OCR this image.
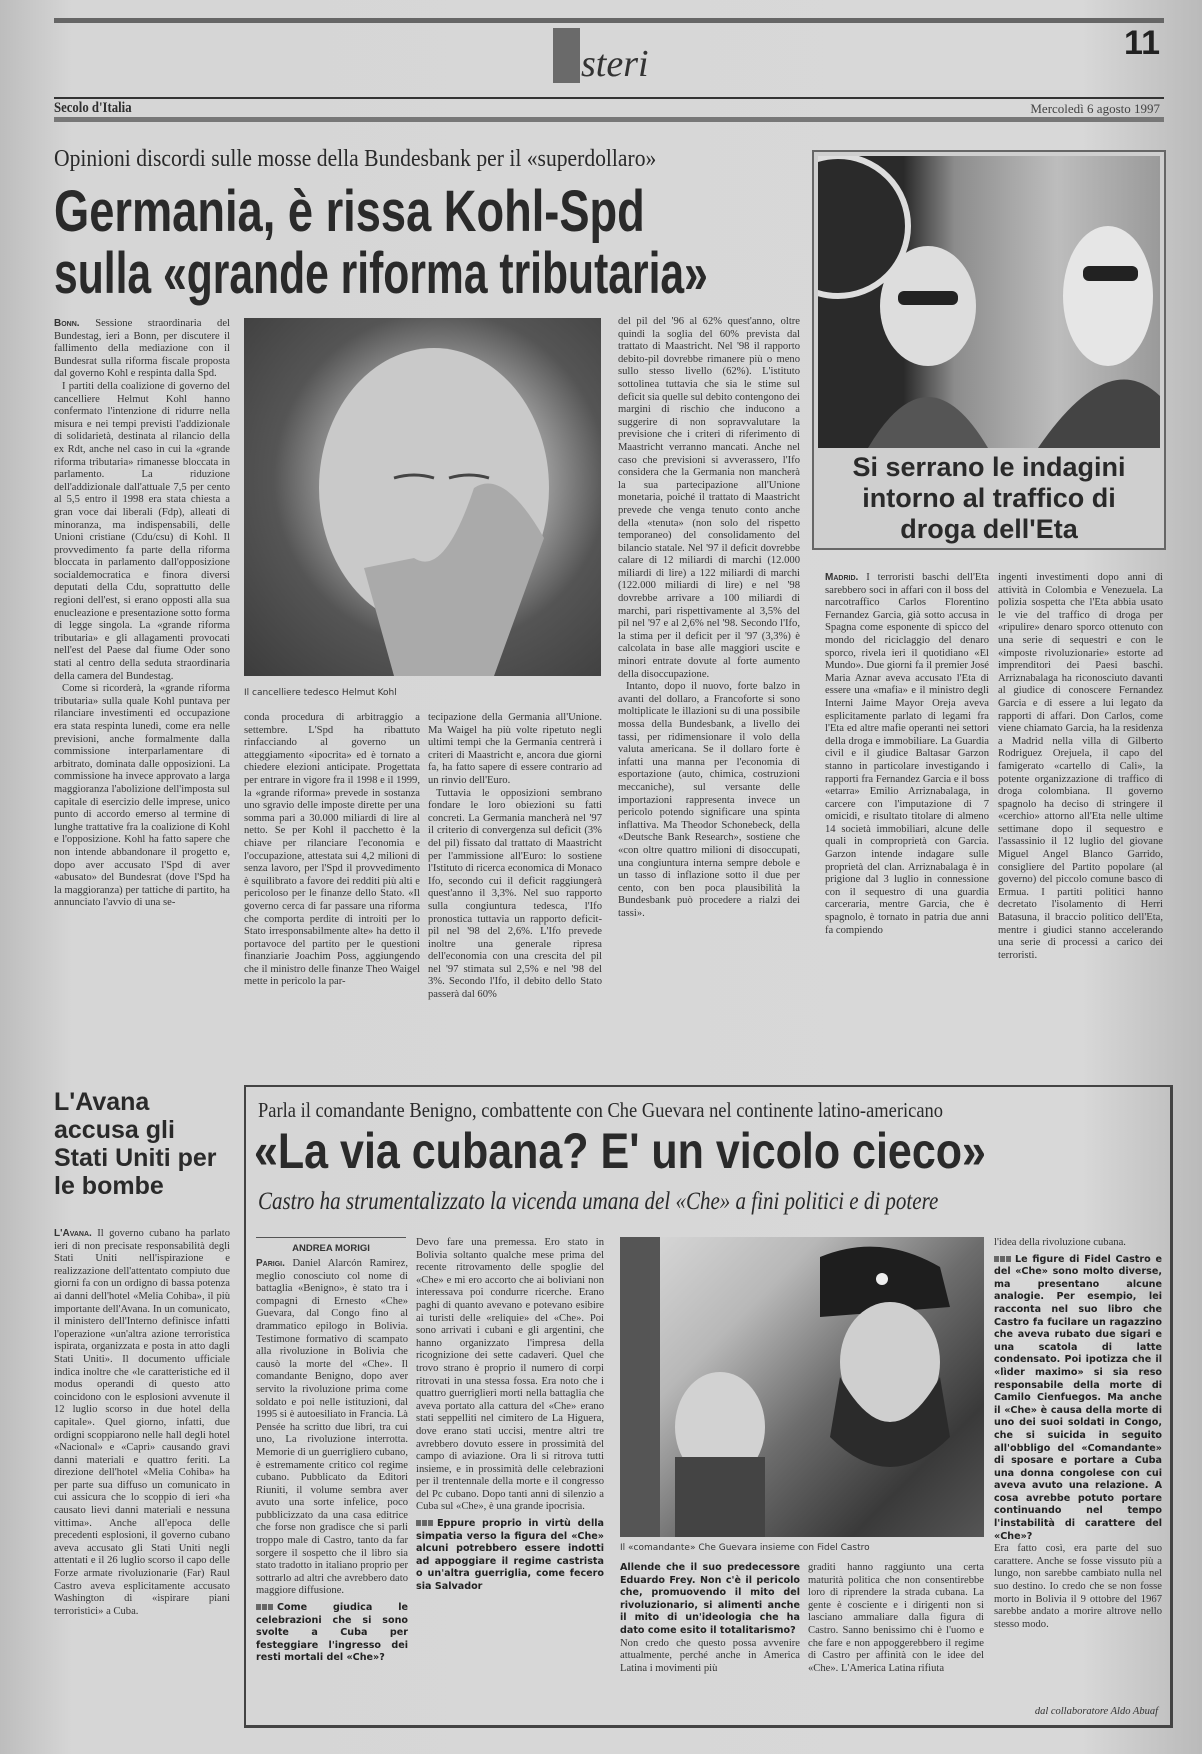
steri	11
Secolo d'Italia	Mercoledì 6 agosto 1997
Opinioni discordi sulle mosse della Bundesbank per il «superdollaro»
Germania, è rissa Kohl-Spd
sulla «grande riforma tributaria»

Bonn. Sessione straordinaria del Bundestag, ieri a Bonn, per discutere il fallimento della mediazione con il Bundesrat sulla riforma fiscale proposta dal governo Kohl e respinta dalla Spd.

I partiti della coalizione di governo del cancelliere Helmut Kohl hanno confermato l'intenzione di ridurre nella misura e nei tempi previsti l'addizionale di solidarietà, destinata al rilancio della ex Rdt, anche nel caso in cui la «grande riforma tributaria» rimanesse bloccata in parlamento. La riduzione dell'addizionale dall'attuale 7,5 per cento al 5,5 entro il 1998 era stata chiesta a gran voce dai liberali (Fdp), alleati di minoranza, ma indispensabili, delle Unioni cristiane (Cdu/csu) di Kohl. Il provvedimento fa parte della riforma bloccata in parlamento dall'opposizione socialdemocratica e finora diversi deputati della Cdu, soprattutto delle regioni dell'est, si erano opposti alla sua enucleazione e presentazione sotto forma di legge singola. La «grande riforma tributaria» e gli allagamenti provocati nell'est del Paese dal fiume Oder sono stati al centro della seduta straordinaria della camera del Bundestag.

Come si ricorderà, la «grande riforma tributaria» sulla quale Kohl puntava per rilanciare investimenti ed occupazione era stata respinta lunedì, come era nelle previsioni, anche formalmente dalla commissione interparlamentare di arbitrato, dominata dalle opposizioni. La commissione ha invece approvato a larga maggioranza l'abolizione dell'imposta sul capitale di esercizio delle imprese, unico punto di accordo emerso al termine di lunghe trattative fra la coalizione di Kohl e l'opposizione. Kohl ha fatto sapere che non intende abbandonare il progetto e, dopo aver accusato l'Spd di aver «abusato» del Bundesrat (dove l'Spd ha la maggioranza) per tattiche di partito, ha annunciato l'avvio di una se-

Il cancelliere tedesco Helmut Kohl

conda procedura di arbitraggio a settembre. L'Spd ha ribattuto rinfacciando al governo un atteggiamento «ipocrita» ed è tornato a chiedere elezioni anticipate. Progettata per entrare in vigore fra il 1998 e il 1999, la «grande riforma» prevede in sostanza uno sgravio delle imposte dirette per una somma pari a 30.000 miliardi di lire al netto. Se per Kohl il pacchetto è la chiave per rilanciare l'economia e l'occupazione, attestata sui 4,2 milioni di senza lavoro, per l'Spd il provvedimento è squilibrato a favore dei redditi più alti e pericoloso per le finanze dello Stato. «Il governo cerca di far passare una riforma che comporta perdite di introiti per lo Stato irresponsabilmente alte» ha detto il portavoce del partito per le questioni finanziarie Joachim Poss, aggiungendo che il ministro delle finanze Theo Waigel mette in pericolo la par-

tecipazione della Germania all'Unione. Ma Waigel ha più volte ripetuto negli ultimi tempi che la Germania centrerà i criteri di Maastricht e, ancora due giorni fa, ha fatto sapere di essere contrario ad un rinvio dell'Euro.

Tuttavia le opposizioni sembrano fondare le loro obiezioni su fatti concreti. La Germania mancherà nel '97 il criterio di convergenza sul deficit (3% del pil) fissato dal trattato di Maastricht per l'ammissione all'Euro: lo sostiene l'Istituto di ricerca economica di Monaco Ifo, secondo cui il deficit raggiungerà quest'anno il 3,3%. Nel suo rapporto sulla congiuntura tedesca, l'Ifo pronostica tuttavia un rapporto deficit-pil nel '98 del 2,6%. L'Ifo prevede inoltre una generale ripresa dell'economia con una crescita del pil nel '97 stimata sul 2,5% e nel '98 del 3%. Secondo l'Ifo, il debito dello Stato passerà dal 60%

del pil del '96 al 62% quest'anno, oltre quindi la soglia del 60% prevista dal trattato di Maastricht. Nel '98 il rapporto debito-pil dovrebbe rimanere più o meno sullo stesso livello (62%). L'istituto sottolinea tuttavia che sia le stime sul deficit sia quelle sul debito contengono dei margini di rischio che inducono a suggerire di non sopravvalutare la previsione che i criteri di riferimento di Maastricht verranno mancati. Anche nel caso che previsioni si avverassero, l'Ifo considera che la Germania non mancherà la sua partecipazione all'Unione monetaria, poiché il trattato di Maastricht prevede che venga tenuto conto anche della «tenuta» (non solo del rispetto temporaneo) del consolidamento del bilancio statale. Nel '97 il deficit dovrebbe calare di 12 miliardi di marchi (12.000 miliardi di lire) a 122 miliardi di marchi (122.000 miliardi di lire) e nel '98 dovrebbe arrivare a 100 miliardi di marchi, pari rispettivamente al 3,5% del pil nel '97 e al 2,6% nel '98. Secondo l'Ifo, la stima per il deficit per il '97 (3,3%) è calcolata in base alle maggiori uscite e minori entrate dovute al forte aumento della disoccupazione.

Intanto, dopo il nuovo, forte balzo in avanti del dollaro, a Francoforte si sono moltiplicate le illazioni su di una possibile mossa della Bundesbank, a livello dei tassi, per ridimensionare il volo della valuta americana. Se il dollaro forte è infatti una manna per l'economia di esportazione (auto, chimica, costruzioni meccaniche), sul versante delle importazioni rappresenta invece un pericolo potendo significare una spinta inflattiva. Ma Theodor Schonebeck, della «Deutsche Bank Research», sostiene che «con oltre quattro milioni di disoccupati, una congiuntura interna sempre debole e un tasso di inflazione sotto il due per cento, con ben poca plausibilità la Bundesbank può procedere a rialzi dei tassi».

Si serrano le indagini intorno al traffico di droga dell'Eta

Madrid. I terroristi baschi dell'Eta sarebbero soci in affari con il boss del narcotraffico Carlos Florentino Fernandez Garcia, già sotto accusa in Spagna come esponente di spicco del mondo del riciclaggio del denaro sporco, rivela ieri il quotidiano «El Mundo». Due giorni fa il premier José Maria Aznar aveva accusato l'Eta di essere una «mafia» e il ministro degli Interni Jaime Mayor Oreja aveva esplicitamente parlato di legami fra l'Eta ed altre mafie operanti nei settori della droga e immobiliare. La Guardia civil e il giudice Baltasar Garzon stanno in particolare investigando i rapporti fra Fernandez Garcia e il boss «etarra» Emilio Arriznabalaga, in carcere con l'imputazione di 7 omicidi, e risultato titolare di almeno 14 società immobiliari, alcune delle quali in comproprietà con Garcia. Garzon intende indagare sulle proprietà del clan. Arriznabalaga è in prigione dal 3 luglio in connessione con il sequestro di una guardia carceraria, mentre Garcia, che è spagnolo, è tornato in patria due anni fa compiendo

ingenti investimenti dopo anni di attività in Colombia e Venezuela. La polizia sospetta che l'Eta abbia usato le vie del traffico di droga per «ripulire» denaro sporco ottenuto con una serie di sequestri e con le «imposte rivoluzionarie» estorte ad imprenditori dei Paesi baschi. Arriznabalaga ha riconosciuto davanti al giudice di conoscere Fernandez Garcia e di essere a lui legato da rapporti di affari. Don Carlos, come viene chiamato Garcia, ha la residenza a Madrid nella villa di Gilberto Rodriguez Orejuela, il capo del famigerato «cartello di Cali», la potente organizzazione di traffico di droga colombiana. Il governo spagnolo ha deciso di stringere il «cerchio» attorno all'Eta nelle ultime settimane dopo il sequestro e l'assassinio il 12 luglio del giovane Miguel Angel Blanco Garrido, consigliere del Partito popolare (al governo) del piccolo comune basco di Ermua. I partiti politici hanno decretato l'isolamento di Herri Batasuna, il braccio politico dell'Eta, mentre i giudici stanno accelerando una serie di processi a carico dei terroristi.

L'Avana accusa gli Stati Uniti per le bombe

L'Avana. Il governo cubano ha parlato ieri di non precisate responsabilità degli Stati Uniti nell'ispirazione e realizzazione dell'attentato compiuto due giorni fa con un ordigno di bassa potenza ai danni dell'hotel «Melia Cohiba», il più importante dell'Avana. In un comunicato, il ministero dell'Interno definisce infatti l'operazione «un'altra azione terroristica ispirata, organizzata e posta in atto dagli Stati Uniti». Il documento ufficiale indica inoltre che «le caratteristiche ed il modus operandi di questo atto coincidono con le esplosioni avvenute il 12 luglio scorso in due hotel della capitale». Quel giorno, infatti, due ordigni scoppiarono nelle hall degli hotel «Nacional» e «Capri» causando gravi danni materiali e quattro feriti. La direzione dell'hotel «Melia Cohiba» ha per parte sua diffuso un comunicato in cui assicura che lo scoppio di ieri «ha causato lievi danni materiali e nessuna vittima». Anche all'epoca delle precedenti esplosioni, il governo cubano aveva accusato gli Stati Uniti negli attentati e il 26 luglio scorso il capo delle Forze armate rivoluzionarie (Far) Raul Castro aveva esplicitamente accusato Washington di «ispirare piani terroristici» a Cuba.

Parla il comandante Benigno, combattente con Che Guevara nel continente latino-americano
«La via cubana? E' un vicolo cieco»
Castro ha strumentalizzato la vicenda umana del «Che» a fini politici e di potere
ANDREA MORIGI

Parigi. Daniel Alarcón Ramirez, meglio conosciuto col nome di battaglia «Benigno», è stato tra i compagni di Ernesto «Che» Guevara, dal Congo fino al drammatico epilogo in Bolivia. Testimone formativo di scampato alla rivoluzione in Bolivia che causò la morte del «Che». Il comandante Benigno, dopo aver servito la rivoluzione prima come soldato e poi nelle istituzioni, dal 1995 si è autoesiliato in Francia. Là Pensée ha scritto due libri, tra cui uno, La rivoluzione interrotta. Memorie di un guerrigliero cubano, è estremamente critico col regime cubano. Pubblicato da Editori Riuniti, il volume sembra aver avuto una sorte infelice, poco pubblicizzato da una casa editrice che forse non gradisce che si parli troppo male di Castro, tanto da far sorgere il sospetto che il libro sia stato tradotto in italiano proprio per sottrarlo ad altri che avrebbero dato maggiore diffusione.

Come giudica le celebrazioni che si sono svolte a Cuba per festeggiare l'ingresso dei resti mortali del «Che»?

Devo fare una premessa. Ero stato in Bolivia soltanto qualche mese prima del recente ritrovamento delle spoglie del «Che» e mi ero accorto che ai boliviani non interessava poi condurre ricerche. Erano paghi di quanto avevano e potevano esibire ai turisti delle «reliquie» del «Che». Poi sono arrivati i cubani e gli argentini, che hanno organizzato l'impresa della ricognizione dei sette cadaveri. Quel che trovo strano è proprio il numero di corpi ritrovati in una stessa fossa. Era noto che i quattro guerriglieri morti nella battaglia che aveva portato alla cattura del «Che» erano stati seppelliti nel cimitero de La Higuera, dove erano stati uccisi, mentre altri tre avrebbero dovuto essere in prossimità del campo di aviazione. Ora li si ritrova tutti insieme, e in prossimità delle celebrazioni per il trentennale della morte e il congresso del Pc cubano. Dopo tanti anni di silenzio a Cuba sul «Che», è una grande ipocrisia.

Eppure proprio in virtù della simpatia verso la figura del «Che» alcuni potrebbero essere indotti ad appoggiare il regime castrista o un'altra guerriglia, come fecero sia Salvador

Il «comandante» Che Guevara insieme con Fidel Castro

Allende che il suo predecessore Eduardo Frey. Non c'è il pericolo che, promuovendo il mito del rivoluzionario, si alimenti anche il mito di un'ideologia che ha dato come esito il totalitarismo?

Non credo che questo possa avvenire attualmente, perché anche in America Latina i movimenti più

graditi hanno raggiunto una certa maturità politica che non consentirebbe loro di riprendere la strada cubana. La gente è cosciente e i dirigenti non si lasciano ammaliare dalla figura di Castro. Sanno benissimo chi è l'uomo e che fare e non appoggerebbero il regime di Castro per affinità con le idee del «Che». L'America Latina rifiuta

l'idea della rivoluzione cubana.

Le figure di Fidel Castro e del «Che» sono molto diverse, ma presentano alcune analogie. Per esempio, lei racconta nel suo libro che Castro fa fucilare un ragazzino che aveva rubato due sigari e una scatola di latte condensato. Poi ipotizza che il «lìder maximo» si sia reso responsabile della morte di Camilo Cienfuegos. Ma anche il «Che» è causa della morte di uno dei suoi soldati in Congo, che si suicida in seguito all'obbligo del «Comandante» di sposare e portare a Cuba una donna congolese con cui aveva avuto una relazione. A cosa avrebbe potuto portare continuando nel tempo l'instabilità di carattere del «Che»?

Era fatto così, era parte del suo carattere. Anche se fosse vissuto più a lungo, non sarebbe cambiato nulla nel suo destino. Io credo che se non fosse morto in Bolivia il 9 ottobre del 1967 sarebbe andato a morire altrove nello stesso modo.

dal collaboratore Aldo Abuaf
